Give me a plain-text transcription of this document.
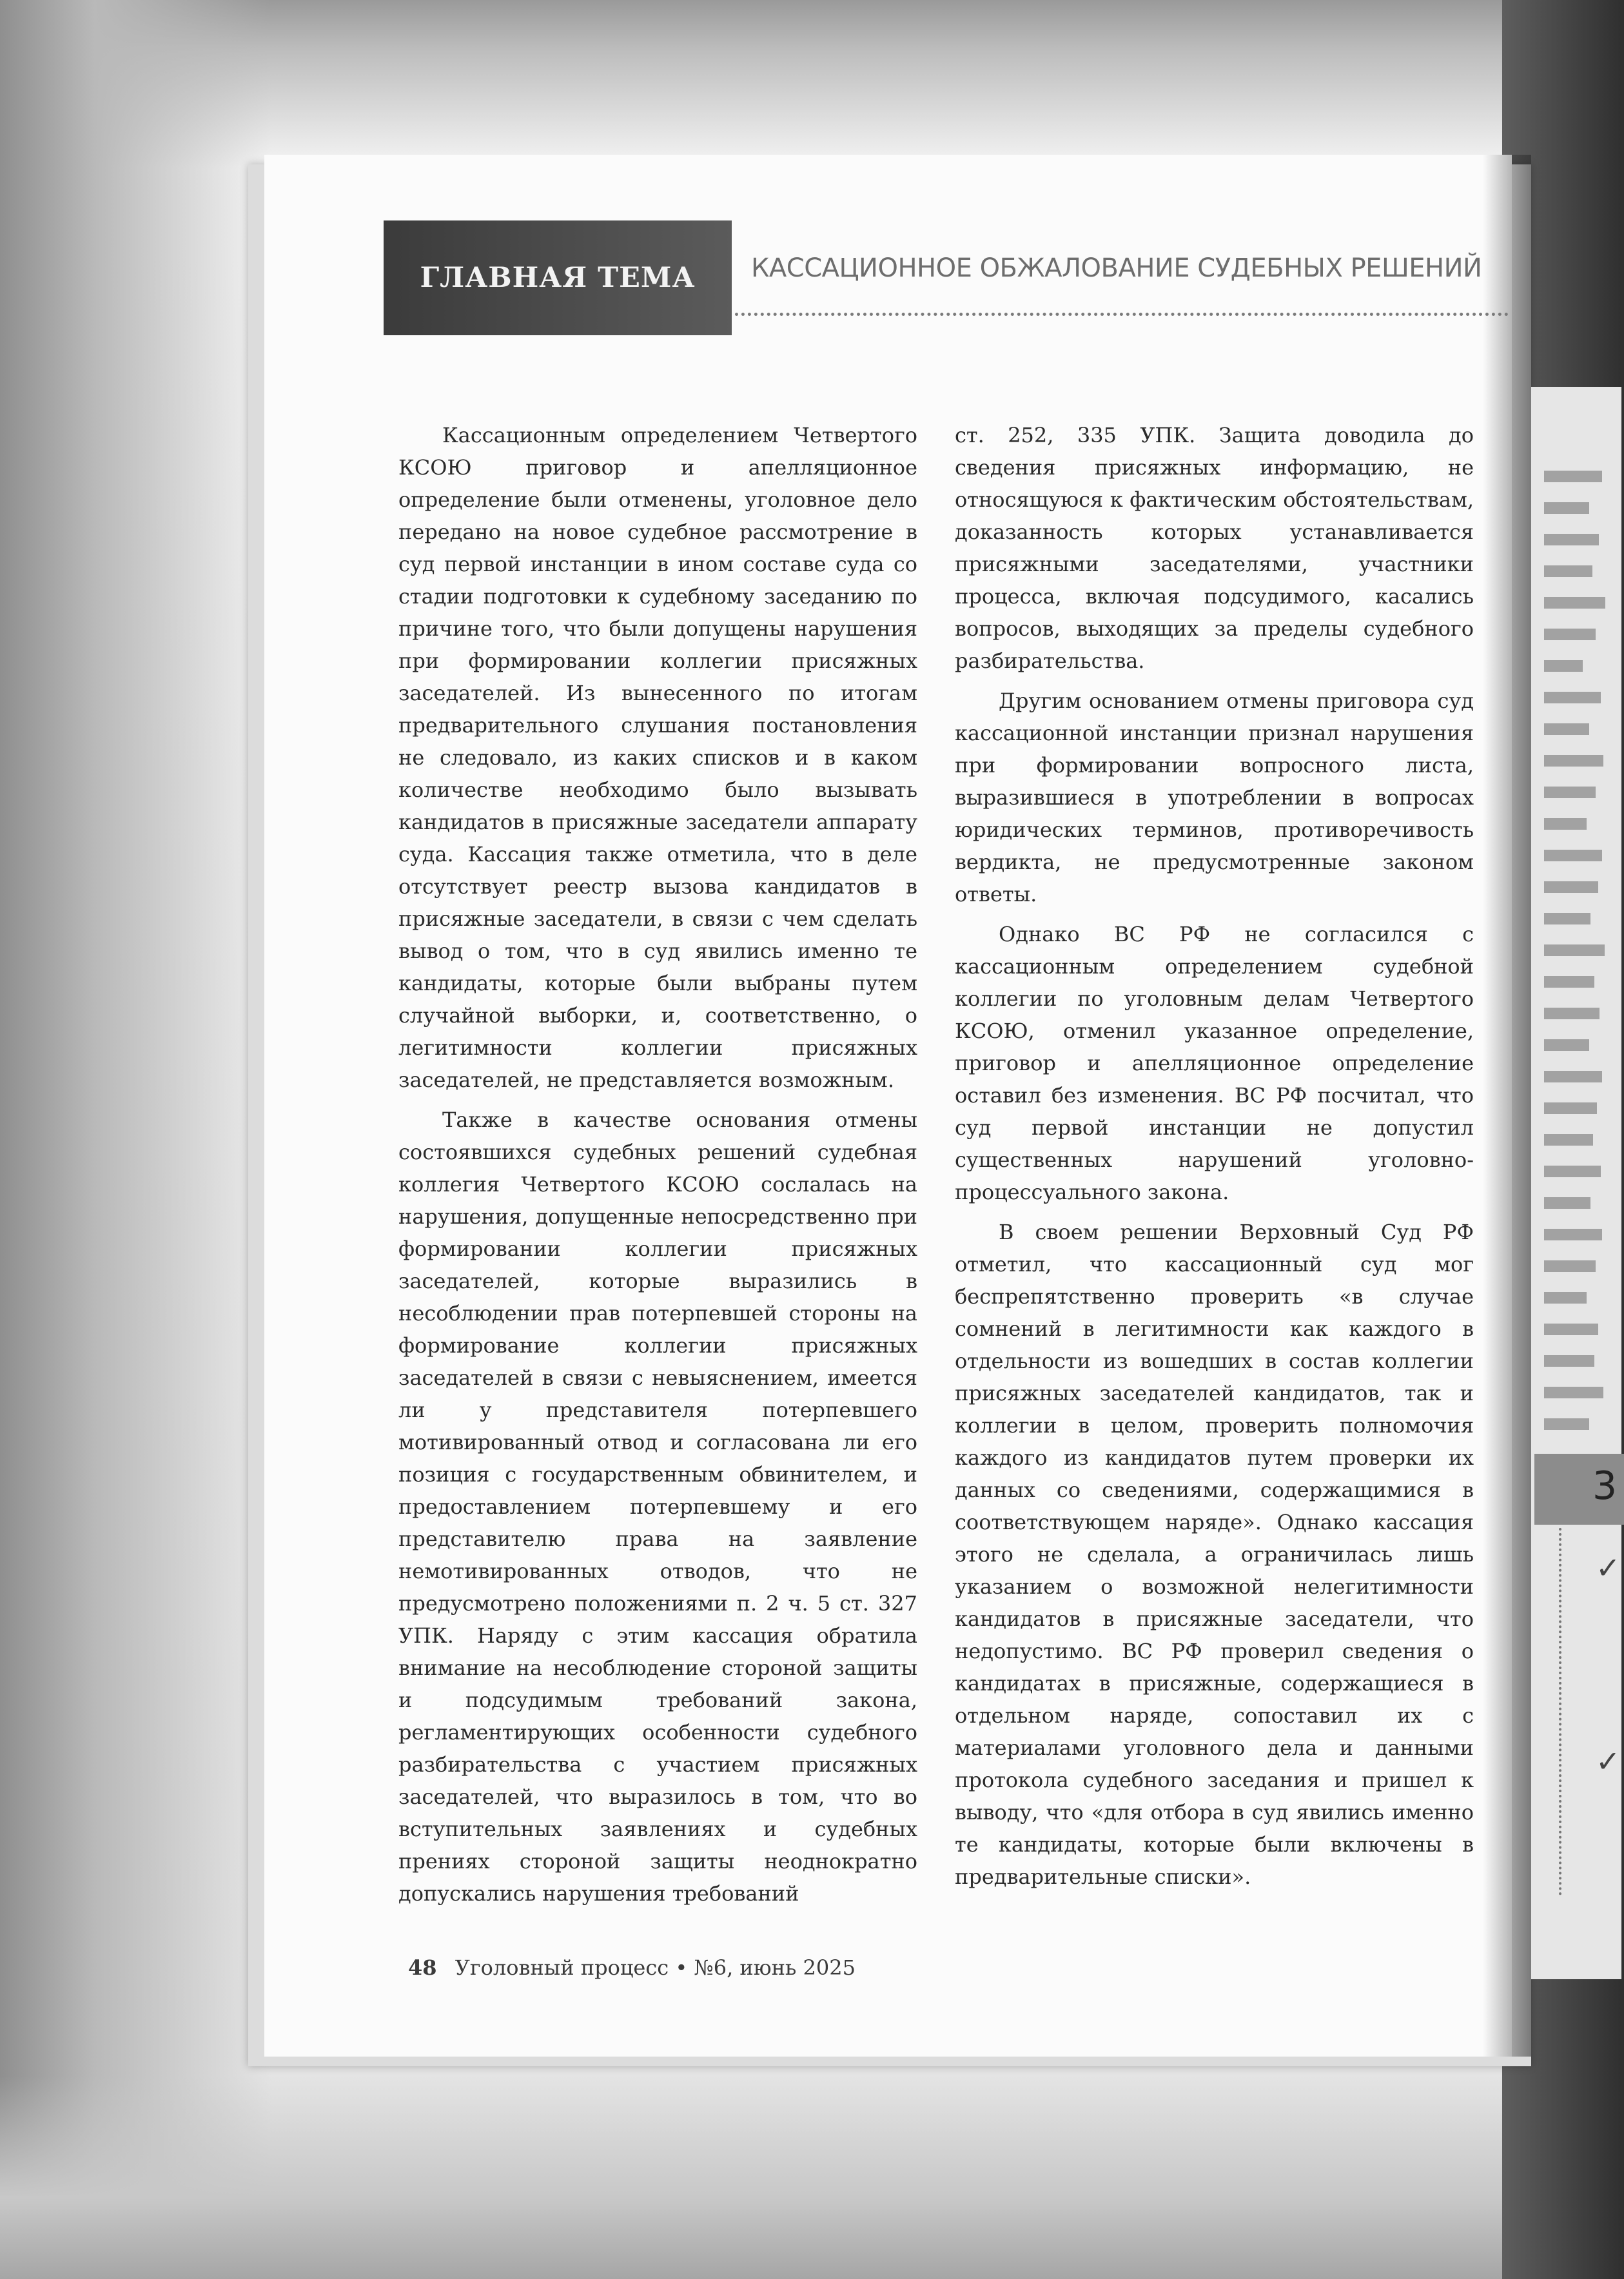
3
✓
✓
ГЛАВНАЯ ТЕМА КАССАЦИОННОЕ ОБЖАЛОВАНИЕ СУДЕБНЫХ РЕШЕНИЙ

Кассационным определением Четвертого КСОЮ приговор и апелляционное определение были отменены, уголовное дело передано на новое судебное рассмотрение в суд первой инстанции в ином составе суда со стадии подготовки к судебному заседанию по причине того, что были допущены нарушения при формировании коллегии присяжных заседателей. Из вынесенного по итогам предварительного слушания постановления не следовало, из каких списков и в каком количестве необходимо было вызывать кандидатов в присяжные заседатели аппарату суда. Кассация также отметила, что в деле отсутствует реестр вызова кандидатов в присяжные заседатели, в связи с чем сделать вывод о том, что в суд явились именно те кандидаты, которые были выбраны путем случайной выборки, и, соответственно, о легитимности коллегии присяжных заседателей, не представляется возможным.

Также в качестве основания отмены состоявшихся судебных решений судебная коллегия Четвертого КСОЮ сослалась на нарушения, допущенные непосредственно при формировании коллегии присяжных заседателей, которые выразились в несоблюдении прав потерпевшей стороны на формирование коллегии присяжных заседателей в связи с невыяснением, имеется ли у представителя потерпевшего мотивированный отвод и согласована ли его позиция с государственным обвинителем, и предоставлением потерпевшему и его представителю права на заявление немотивированных отводов, что не предусмотрено положениями п. 2 ч. 5 ст. 327 УПК. Наряду с этим кассация обратила внимание на несоблюдение стороной защиты и подсудимым требований закона, регламентирующих особенности судебного разбирательства с участием присяжных заседателей, что выразилось в том, что во вступительных заявлениях и судебных прениях стороной защиты неоднократно допускались нарушения требований

ст. 252, 335 УПК. Защита доводила до сведения присяжных информацию, не относящуюся к фактическим обстоятельствам, доказанность которых устанавливается присяжными заседателями, участники процесса, включая подсудимого, касались вопросов, выходящих за пределы судебного разбирательства.

Другим основанием отмены приговора суд кассационной инстанции признал нарушения при формировании вопросного листа, выразившиеся в употреблении в вопросах юридических терминов, противоречивость вердикта, не предусмотренные законом ответы.

Однако ВС РФ не согласился с кассационным определением судебной коллегии по уголовным делам Четвертого КСОЮ, отменил указанное определение, приговор и апелляционное определение оставил без изменения. ВС РФ посчитал, что суд первой инстанции не допустил существенных нарушений уголовно-процессуального закона.

В своем решении Верховный Суд РФ отметил, что кассационный суд мог беспрепятственно проверить «в случае сомнений в легитимности как каждого в отдельности из вошедших в состав коллегии присяжных заседателей кандидатов, так и коллегии в целом, проверить полномочия каждого из кандидатов путем проверки их данных со сведениями, содержащимися в соответствующем наряде». Однако кассация этого не сделала, а ограничилась лишь указанием о возможной нелегитимности кандидатов в присяжные заседатели, что недопустимо. ВС РФ проверил сведения о кандидатах в присяжные, содержащиеся в отдельном наряде, сопоставил их с материалами уголовного дела и данными протокола судебного заседания и пришел к выводу, что «для отбора в суд явились именно те кандидаты, которые были включены в предварительные списки».

48 Уголовный процесс • №6, июнь 2025
